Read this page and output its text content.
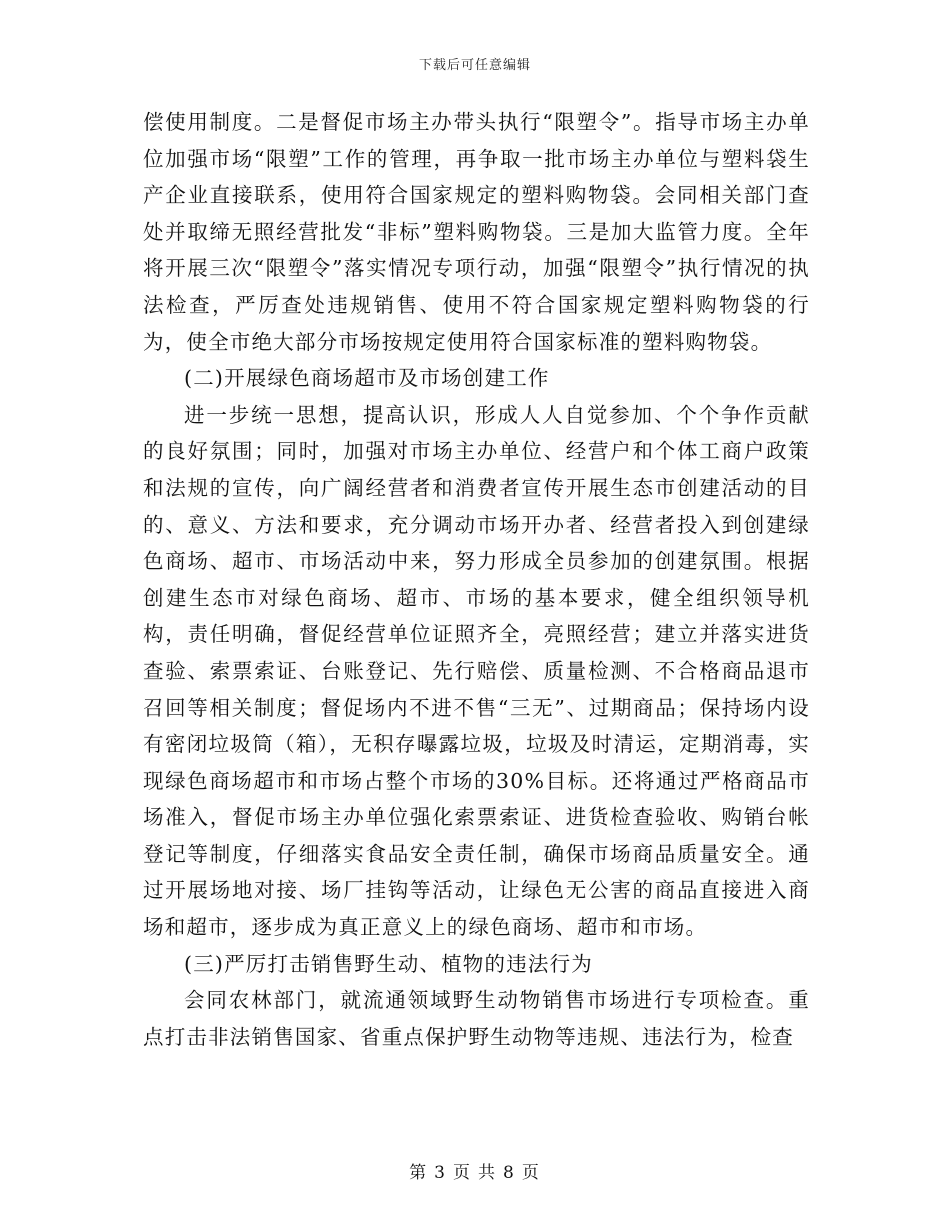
下载后可任意编辑

偿使用制度。二是督促市场主办带头执行“限塑令”。指导市场主办单位加强市场“限塑”工作的管理，再争取一批市场主办单位与塑料袋生产企业直接联系，使用符合国家规定的塑料购物袋。会同相关部门查处并取缔无照经营批发“非标”塑料购物袋。三是加大监管力度。全年将开展三次“限塑令”落实情况专项行动，加强“限塑令”执行情况的执法检查，严厉查处违规销售、使用不符合国家规定塑料购物袋的行为，使全市绝大部分市场按规定使用符合国家标准的塑料购物袋。

(二)开展绿色商场超市及市场创建工作

进一步统一思想，提高认识，形成人人自觉参加、个个争作贡献的良好氛围；同时，加强对市场主办单位、经营户和个体工商户政策和法规的宣传，向广阔经营者和消费者宣传开展生态市创建活动的目的、意义、方法和要求，充分调动市场开办者、经营者投入到创建绿色商场、超市、市场活动中来，努力形成全员参加的创建氛围。根据创建生态市对绿色商场、超市、市场的基本要求，健全组织领导机构，责任明确，督促经营单位证照齐全，亮照经营；建立并落实进货查验、索票索证、台账登记、先行赔偿、质量检测、不合格商品退市召回等相关制度；督促场内不进不售“三无”、过期商品；保持场内设有密闭垃圾筒（箱），无积存曝露垃圾，垃圾及时清运，定期消毒，实现绿色商场超市和市场占整个市场的30%目标。还将通过严格商品市场准入，督促市场主办单位强化索票索证、进货检查验收、购销台帐登记等制度，仔细落实食品安全责任制，确保市场商品质量安全。通过开展场地对接、场厂挂钩等活动，让绿色无公害的商品直接进入商场和超市，逐步成为真正意义上的绿色商场、超市和市场。

(三)严厉打击销售野生动、植物的违法行为

会同农林部门，就流通领域野生动物销售市场进行专项检查。重点打击非法销售国家、省重点保护野生动物等违规、违法行为，检查

第 3 页 共 8 页
